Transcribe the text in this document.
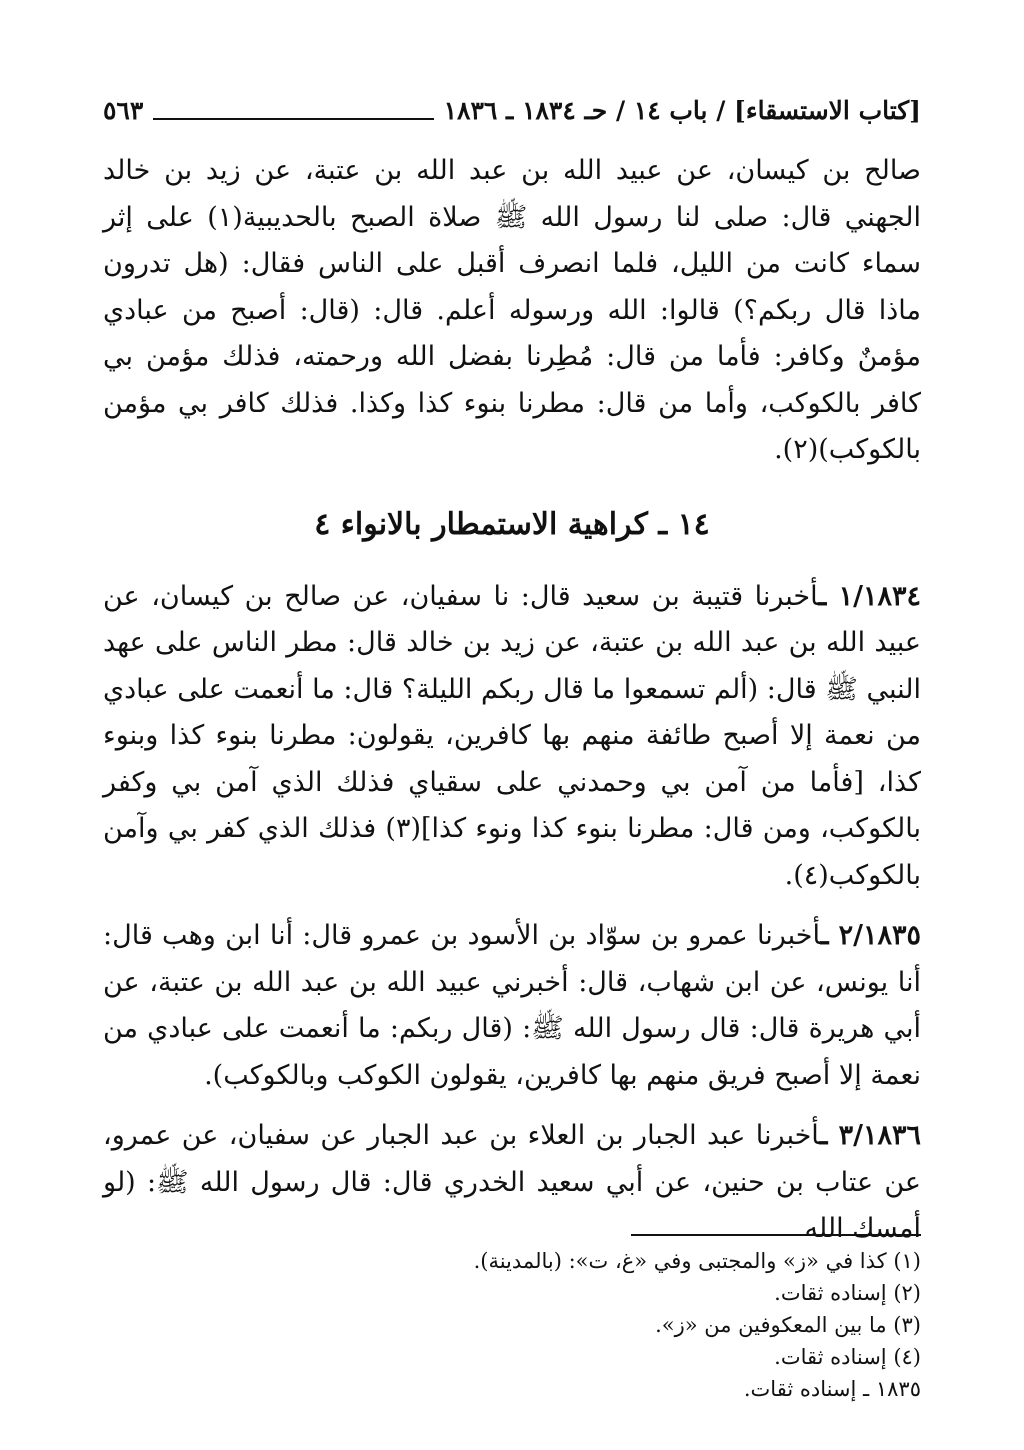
[كتاب الاستسقاء] / باب ١٤ / حـ ١٨٣٤ ـ ١٨٣٦
٥٦٣

صالح بن كيسان، عن عبيد الله بن عبد الله بن عتبة، عن زيد بن خالد الجهني قال: صلى لنا رسول الله ﷺ صلاة الصبح بالحديبية(١) على إثر سماء كانت من الليل، فلما انصرف أقبل على الناس فقال: (هل تدرون ماذا قال ربكم؟) قالوا: الله ورسوله أعلم. قال: (قال: أصبح من عبادي مؤمنٌ وكافر: فأما من قال: مُطِرنا بفضل الله ورحمته، فذلك مؤمن بي كافر بالكوكب، وأما من قال: مطرنا بنوء كذا وكذا. فذلك كافر بي مؤمن بالكوكب)(٢).

١٤ ـ كراهية الاستمطار بالانواء ٤

١/١٨٣٤ ـأخبرنا قتيبة بن سعيد قال: نا سفيان، عن صالح بن كيسان، عن عبيد الله بن عبد الله بن عتبة، عن زيد بن خالد قال: مطر الناس على عهد النبي ﷺ قال: (ألم تسمعوا ما قال ربكم الليلة؟ قال: ما أنعمت على عبادي من نعمة إلا أصبح طائفة منهم بها كافرين، يقولون: مطرنا بنوء كذا وبنوء كذا، [فأما من آمن بي وحمدني على سقياي فذلك الذي آمن بي وكفر بالكوكب، ومن قال: مطرنا بنوء كذا ونوء كذا](٣) فذلك الذي كفر بي وآمن بالكوكب(٤).

٢/١٨٣٥ ـأخبرنا عمرو بن سوّاد بن الأسود بن عمرو قال: أنا ابن وهب قال: أنا يونس، عن ابن شهاب، قال: أخبرني عبيد الله بن عبد الله بن عتبة، عن أبي هريرة قال: قال رسول الله ﷺ: (قال ربكم: ما أنعمت على عبادي من نعمة إلا أصبح فريق منهم بها كافرين، يقولون الكوكب وبالكوكب).

٣/١٨٣٦ ـأخبرنا عبد الجبار بن العلاء بن عبد الجبار عن سفيان، عن عمرو، عن عتاب بن حنين، عن أبي سعيد الخدري قال: قال رسول الله ﷺ: (لو أمسك الله

(١) كذا في «ز» والمجتبى وفي «غ، ت»: (بالمدينة).

(٢) إسناده ثقات.

(٣) ما بين المعكوفين من «ز».

(٤) إسناده ثقات.

١٨٣٥ ـ إسناده ثقات.
